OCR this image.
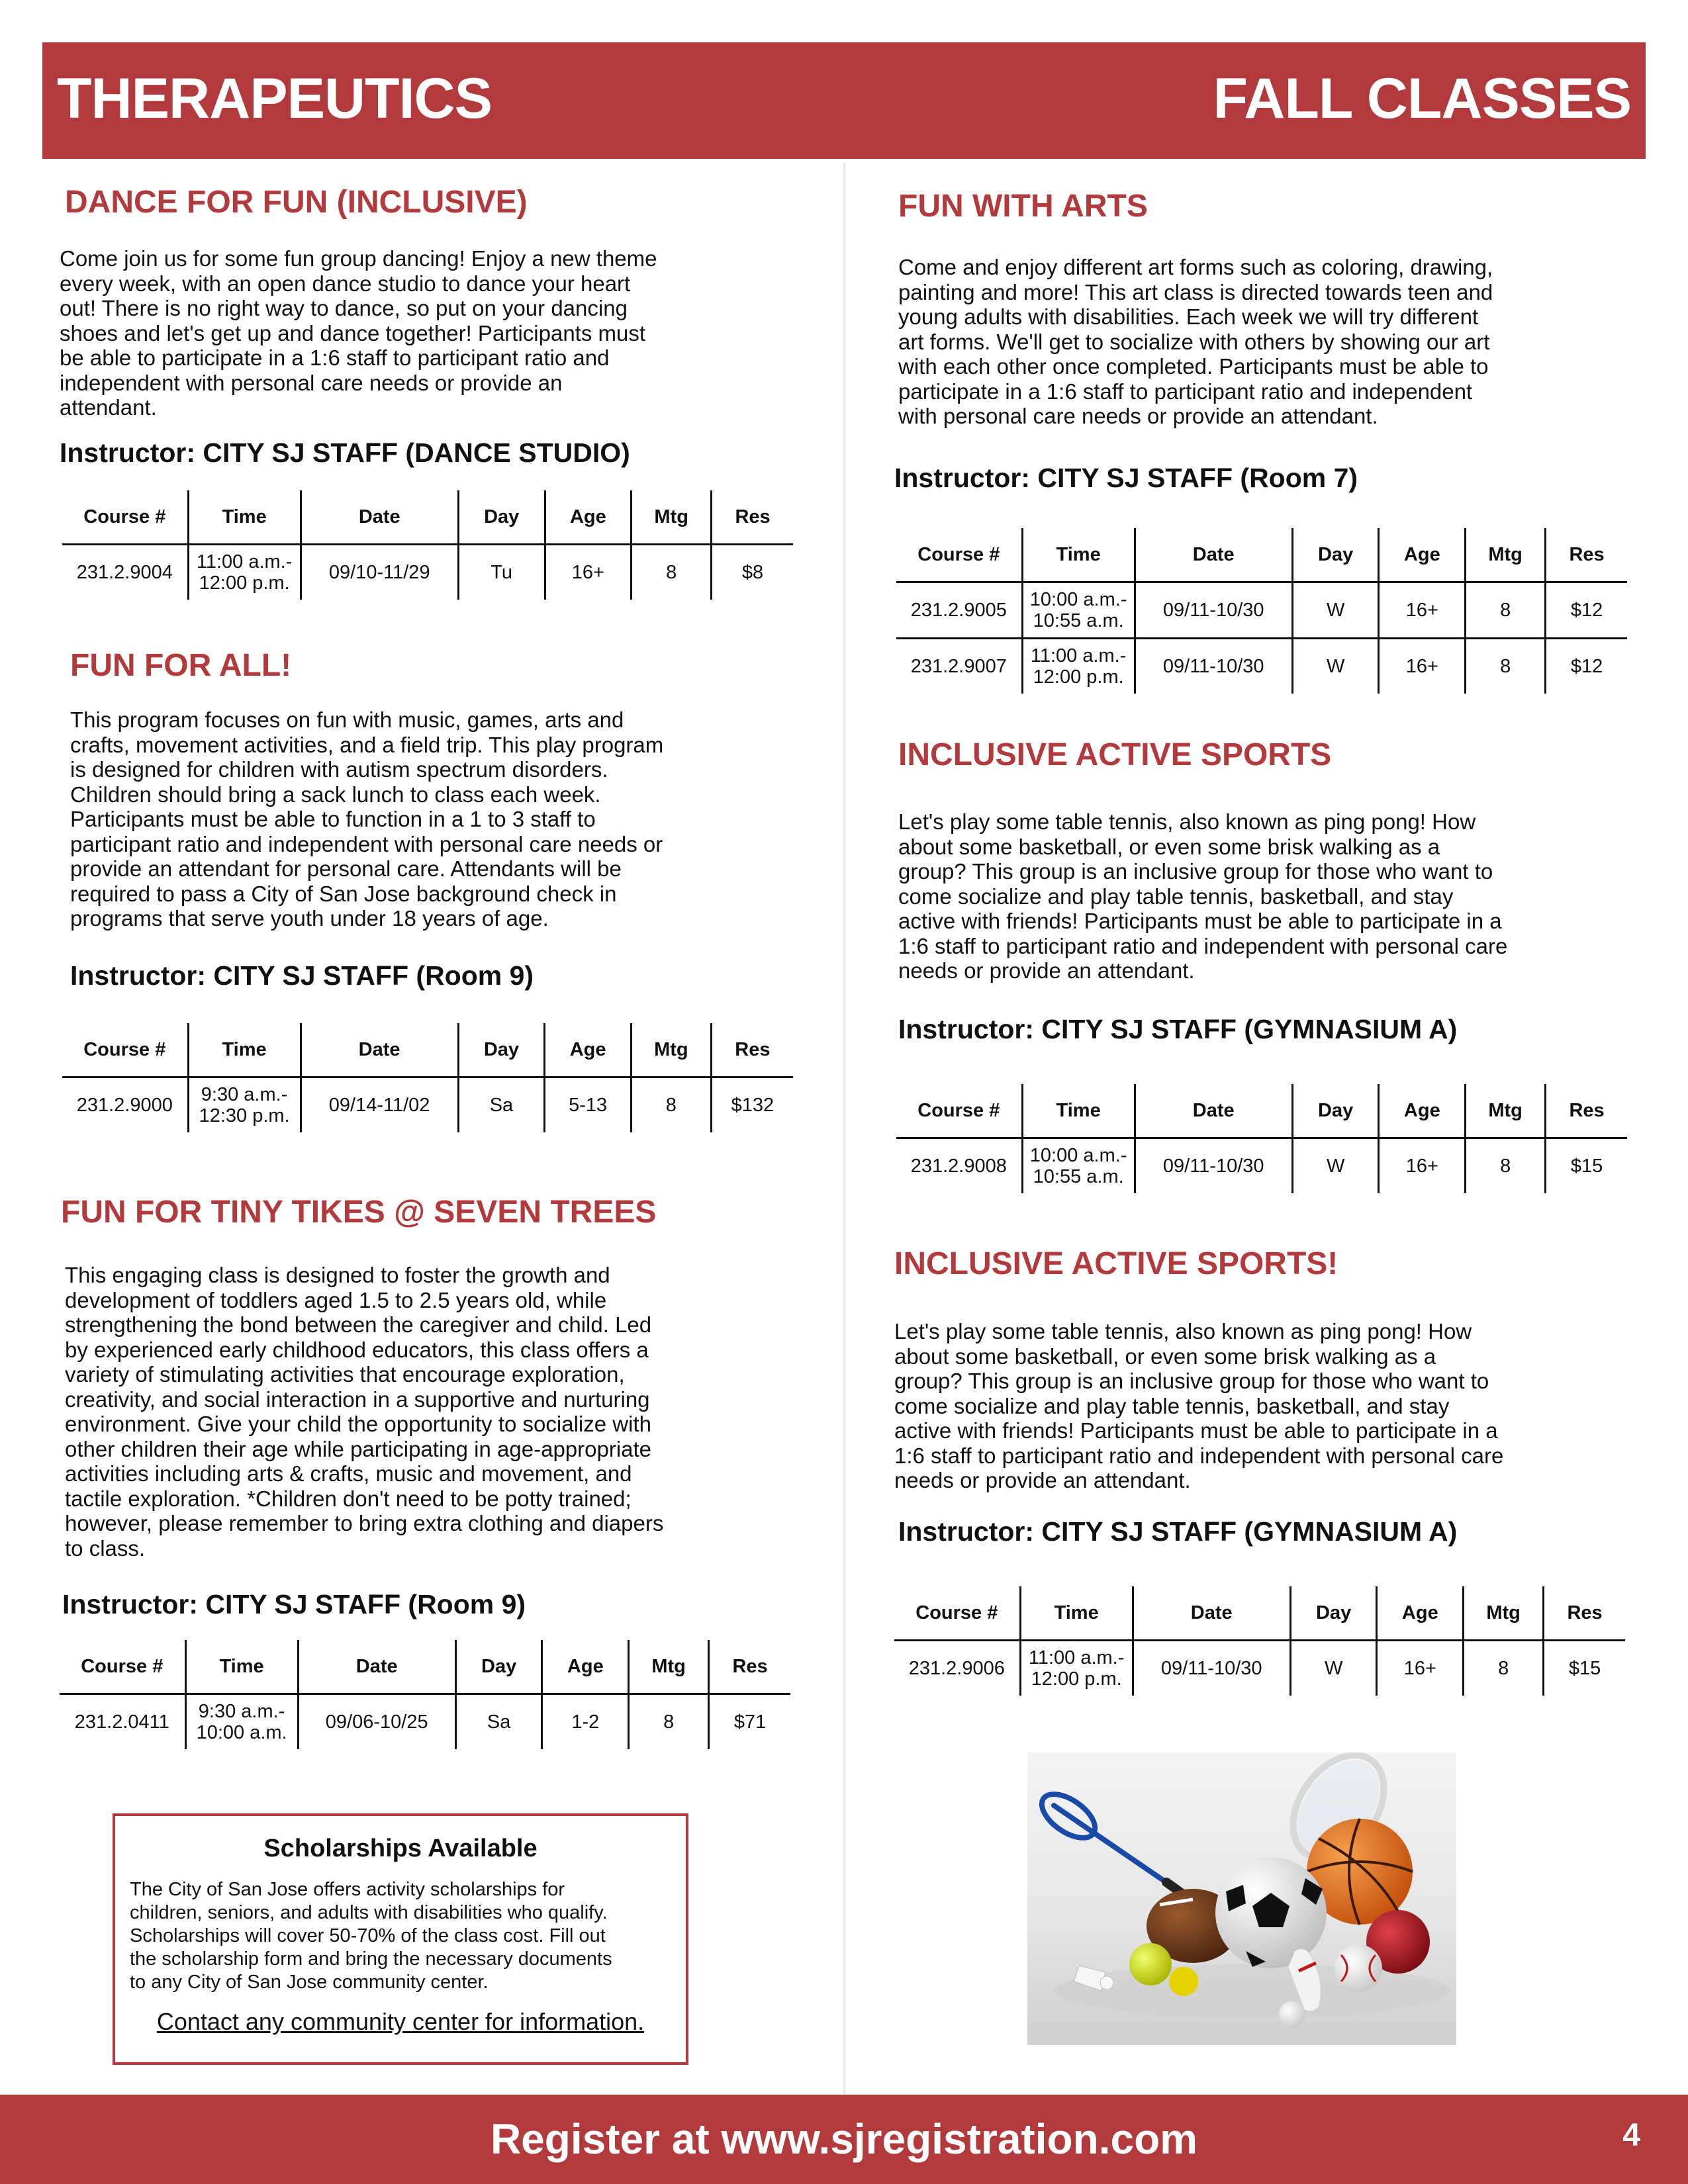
THERAPEUTICS	FALL CLASSES
DANCE FOR FUN (INCLUSIVE)
Come join us for some fun group dancing! Enjoy a new theme
every week, with an open dance studio to dance your heart
out! There is no right way to dance, so put on your dancing
shoes and let's get up and dance together! Participants must
be able to participate in a 1:6 staff to participant ratio and
independent with personal care needs or provide an
attendant.
Instructor: CITY SJ STAFF (DANCE STUDIO)
Course #	Time	Date	Day	Age	Mtg	Res
231.2.9004	11:00 a.m.-
12:00 p.m.	09/10-11/29	Tu	16+	8	$8
FUN FOR ALL!
This program focuses on fun with music, games, arts and
crafts, movement activities, and a field trip. This play program
is designed for children with autism spectrum disorders.
Children should bring a sack lunch to class each week.
Participants must be able to function in a 1 to 3 staff to
participant ratio and independent with personal care needs or
provide an attendant for personal care. Attendants will be
required to pass a City of San Jose background check in
programs that serve youth under 18 years of age.
Instructor: CITY SJ STAFF (Room 9)
Course #	Time	Date	Day	Age	Mtg	Res
231.2.9000	9:30 a.m.-
12:30 p.m.	09/14-11/02	Sa	5-13	8	$132
FUN FOR TINY TIKES @ SEVEN TREES
This engaging class is designed to foster the growth and
development of toddlers aged 1.5 to 2.5 years old, while
strengthening the bond between the caregiver and child. Led
by experienced early childhood educators, this class offers a
variety of stimulating activities that encourage exploration,
creativity, and social interaction in a supportive and nurturing
environment. Give your child the opportunity to socialize with
other children their age while participating in age-appropriate
activities including arts & crafts, music and movement, and
tactile exploration. *Children don't need to be potty trained;
however, please remember to bring extra clothing and diapers
to class.
Instructor: CITY SJ STAFF (Room 9)
Course #	Time	Date	Day	Age	Mtg	Res
231.2.0411	9:30 a.m.-
10:00 a.m.	09/06-10/25	Sa	1-2	8	$71
Scholarships Available
The City of San Jose offers activity scholarships for
children, seniors, and adults with disabilities who qualify.
Scholarships will cover 50-70% of the class cost. Fill out
the scholarship form and bring the necessary documents
to any City of San Jose community center.
Contact any community center for information.
FUN WITH ARTS
Come and enjoy different art forms such as coloring, drawing,
painting and more! This art class is directed towards teen and
young adults with disabilities. Each week we will try different
art forms. We'll get to socialize with others by showing our art
with each other once completed. Participants must be able to
participate in a 1:6 staff to participant ratio and independent
with personal care needs or provide an attendant.
Instructor: CITY SJ STAFF (Room 7)
Course #	Time	Date	Day	Age	Mtg	Res
231.2.9005	10:00 a.m.-
10:55 a.m.	09/11-10/30	W	16+	8	$12
231.2.9007	11:00 a.m.-
12:00 p.m.	09/11-10/30	W	16+	8	$12
INCLUSIVE ACTIVE SPORTS
Let's play some table tennis, also known as ping pong! How
about some basketball, or even some brisk walking as a
group? This group is an inclusive group for those who want to
come socialize and play table tennis, basketball, and stay
active with friends! Participants must be able to participate in a
1:6 staff to participant ratio and independent with personal care
needs or provide an attendant.
Instructor: CITY SJ STAFF (GYMNASIUM A)
Course #	Time	Date	Day	Age	Mtg	Res
231.2.9008	10:00 a.m.-
10:55 a.m.	09/11-10/30	W	16+	8	$15
INCLUSIVE ACTIVE SPORTS!
Let's play some table tennis, also known as ping pong! How
about some basketball, or even some brisk walking as a
group? This group is an inclusive group for those who want to
come socialize and play table tennis, basketball, and stay
active with friends! Participants must be able to participate in a
1:6 staff to participant ratio and independent with personal care
needs or provide an attendant.
Instructor: CITY SJ STAFF (GYMNASIUM A)
Course #	Time	Date	Day	Age	Mtg	Res
231.2.9006	11:00 a.m.-
12:00 p.m.	09/11-10/30	W	16+	8	$15
Register at www.sjregistration.com	4
